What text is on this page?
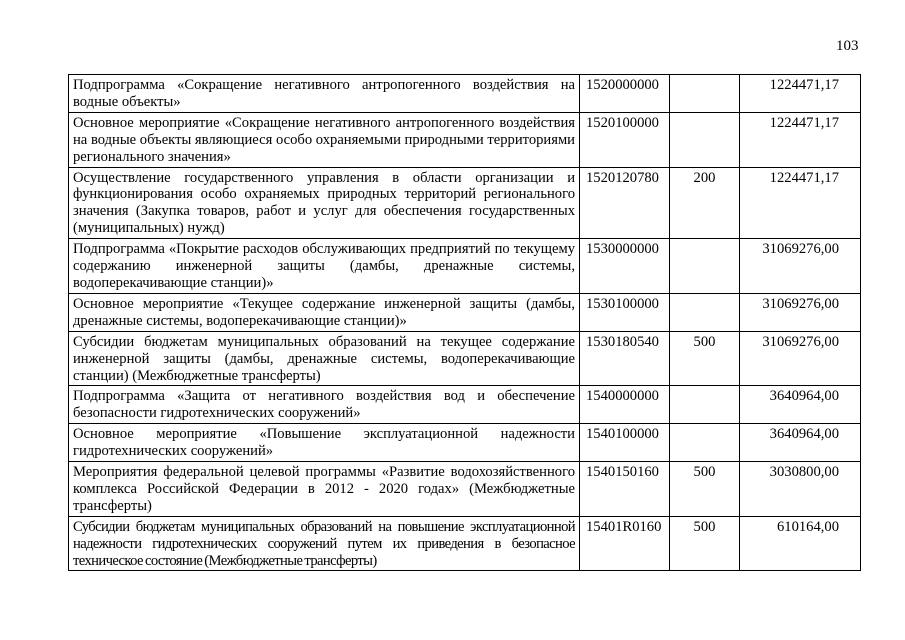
103
Подпрограмма «Сокращение негативного антропогенного воздействия на водные объекты»	1520000000		1224471,17
Основное мероприятие «Сокращение негативного антропогенного воздействия на водные объекты являющиеся особо охраняемыми природными территориями регионального значения»	1520100000		1224471,17
Осуществление государственного управления в области организации и функционирования особо охраняемых природных территорий регионального значения (Закупка товаров, работ и услуг для обеспечения государственных (муниципальных) нужд)	1520120780	200	1224471,17
Подпрограмма «Покрытие расходов обслуживающих предприятий по текущему содержанию инженерной защиты (дамбы, дренажные системы, водоперекачивающие станции)»	1530000000		31069276,00
Основное мероприятие «Текущее содержание инженерной защиты (дамбы, дренажные системы, водоперекачивающие станции)»	1530100000		31069276,00
Субсидии бюджетам муниципальных образований на текущее содержание инженерной защиты (дамбы, дренажные системы, водоперекачивающие станции) (Межбюджетные трансферты)	1530180540	500	31069276,00
Подпрограмма «Защита от негативного воздействия вод и обеспечение безопасности гидротехнических сооружений»	1540000000		3640964,00
Основное мероприятие «Повышение эксплуатационной надежности гидротехнических сооружений»	1540100000		3640964,00
Мероприятия федеральной целевой программы «Развитие водохозяйственного комплекса Российской Федерации в 2012 - 2020 годах» (Межбюджетные трансферты)	1540150160	500	3030800,00
Субсидии бюджетам муниципальных образований на повышение эксплуатационной надежности гидротехнических сооружений путем их приведения в безопасное техническое состояние (Межбюджетные трансферты)	15401R0160	500	610164,00
